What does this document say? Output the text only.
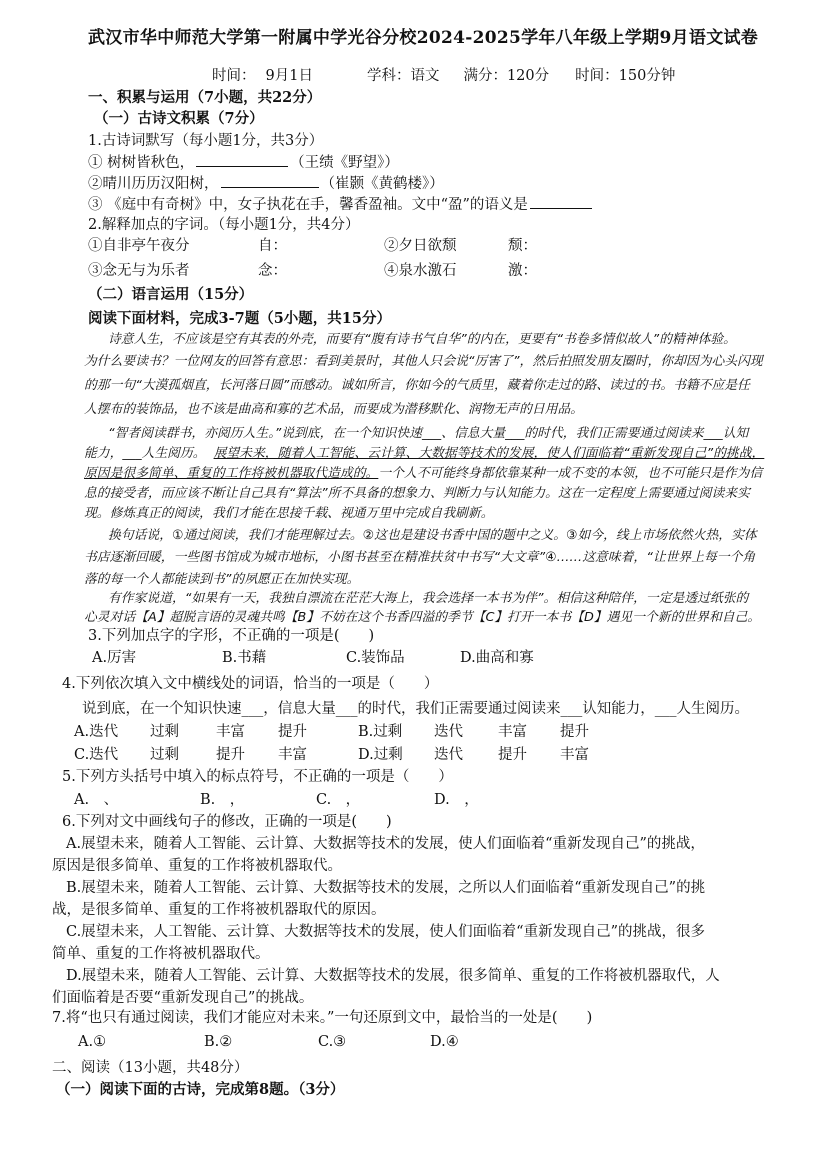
武汉市华中师范大学第一附属中学光谷分校2024-2025学年八年级上学期9月语文试卷
时间： 9月1日	学科：语文 满分：120分 时间：150分钟
一、积累与运用（7小题，共22分）
（一）古诗文积累（7分）
1.古诗词默写（每小题1分，共3分）
① 树树皆秋色，	（王绩《野望》）
②晴川历历汉阳树，	（崔颢《黄鹤楼》）
③ 《庭中有奇树》中，女子执花在手，馨香盈袖。文中“盈”的语义是
2.解释加点的字词。（每小题1分，共4分）
①自非亭午夜分	自：	②夕日欲颓	颓：
③念无与为乐者	念：	④泉水激石	激：
（二）语言运用（15分）
阅读下面材料，完成3-7题（5小题，共15分）
诗意人生，不应该是空有其表的外壳，而要有“腹有诗书气自华”的内在，更要有“书卷多情似故人”的精神体验。
为什么要读书？一位网友的回答有意思：看到美景时，其他人只会说“厉害了”，然后拍照发朋友圈时，你却因为心头闪现
的那一句“大漠孤烟直，长河落日圆”而感动。诚如所言，你如今的气质里，藏着你走过的路、读过的书。书籍不应是任
人摆布的装饰品，也不该是曲高和寡的艺术品，而要成为潜移默化、润物无声的日用品。
“智者阅读群书，亦阅历人生。”说到底，在一个知识快速___、信息大量___的时代，我们正需要通过阅读来___认知
能力，___人生阅历。 展望未来，随着人工智能、云计算、大数据等技术的发展，使人们面临着“重新发现自己”的挑战，
原因是很多简单、重复的工作将被机器取代造成的。一个人不可能终身都依靠某种一成不变的本领，也不可能只是作为信
息的接受者，而应该不断让自己具有“算法”所不具备的想象力、判断力与认知能力。这在一定程度上需要通过阅读来实
现。修炼真正的阅读，我们才能在思接千载、视通万里中完成自我刷新。
换句话说，①通过阅读，我们才能理解过去。②这也是建设书香中国的题中之义。③如今，线上市场依然火热，实体
书店逐渐回暖，一些图书馆成为城市地标，小图书甚至在精准扶贫中书写“大文章”④……这意味着，“让世界上每一个角
落的每一个人都能读到书”的夙愿正在加快实现。
有作家说道，“如果有一天，我独自漂流在茫茫大海上，我会选择一本书为伴”。相信这种陪伴，一定是透过纸张的
心灵对话【A】超脱言语的灵魂共鸣【B】不妨在这个书香四溢的季节【C】打开一本书【D】遇见一个新的世界和自己。
3.下列加点字的字形，不正确的一项是(　　)
A.厉害	B.书藉	C.装饰品	D.曲高和寡
4.下列依次填入文中横线处的词语，恰当的一项是（　　）
说到底，在一个知识快速___，信息大量___的时代，我们正需要通过阅读来___认知能力，___人生阅历。
A.迭代 过剩	丰富 提升	B.过剩 迭代 丰富 提升
C.迭代 过剩	提升 丰富	D.过剩 迭代 提升 丰富
5.下列方头括号中填入的标点符号，不正确的一项是（　　）
A.　、	B.　，	C.　，	D.　，
6.下列对文中画线句子的修改，正确的一项是(　　)
A.展望未来，随着人工智能、云计算、大数据等技术的发展，使人们面临着“重新发现自己”的挑战，
原因是很多简单、重复的工作将被机器取代。
B.展望未来，随着人工智能、云计算、大数据等技术的发展，之所以人们面临着“重新发现自己”的挑
战，是很多简单、重复的工作将被机器取代的原因。
C.展望未来，人工智能、云计算、大数据等技术的发展，使人们面临着“重新发现自己”的挑战，很多
简单、重复的工作将被机器取代。
D.展望未来，随着人工智能、云计算、大数据等技术的发展，很多简单、重复的工作将被机器取代，人
们面临着是否要“重新发现自己”的挑战。
7.将“也只有通过阅读，我们才能应对未来。”一句还原到文中，最恰当的一处是(　　)
A.①	B.②	C.③	D.④
二、阅读（13小题，共48分）
（一）阅读下面的古诗，完成第8题。（3分）
